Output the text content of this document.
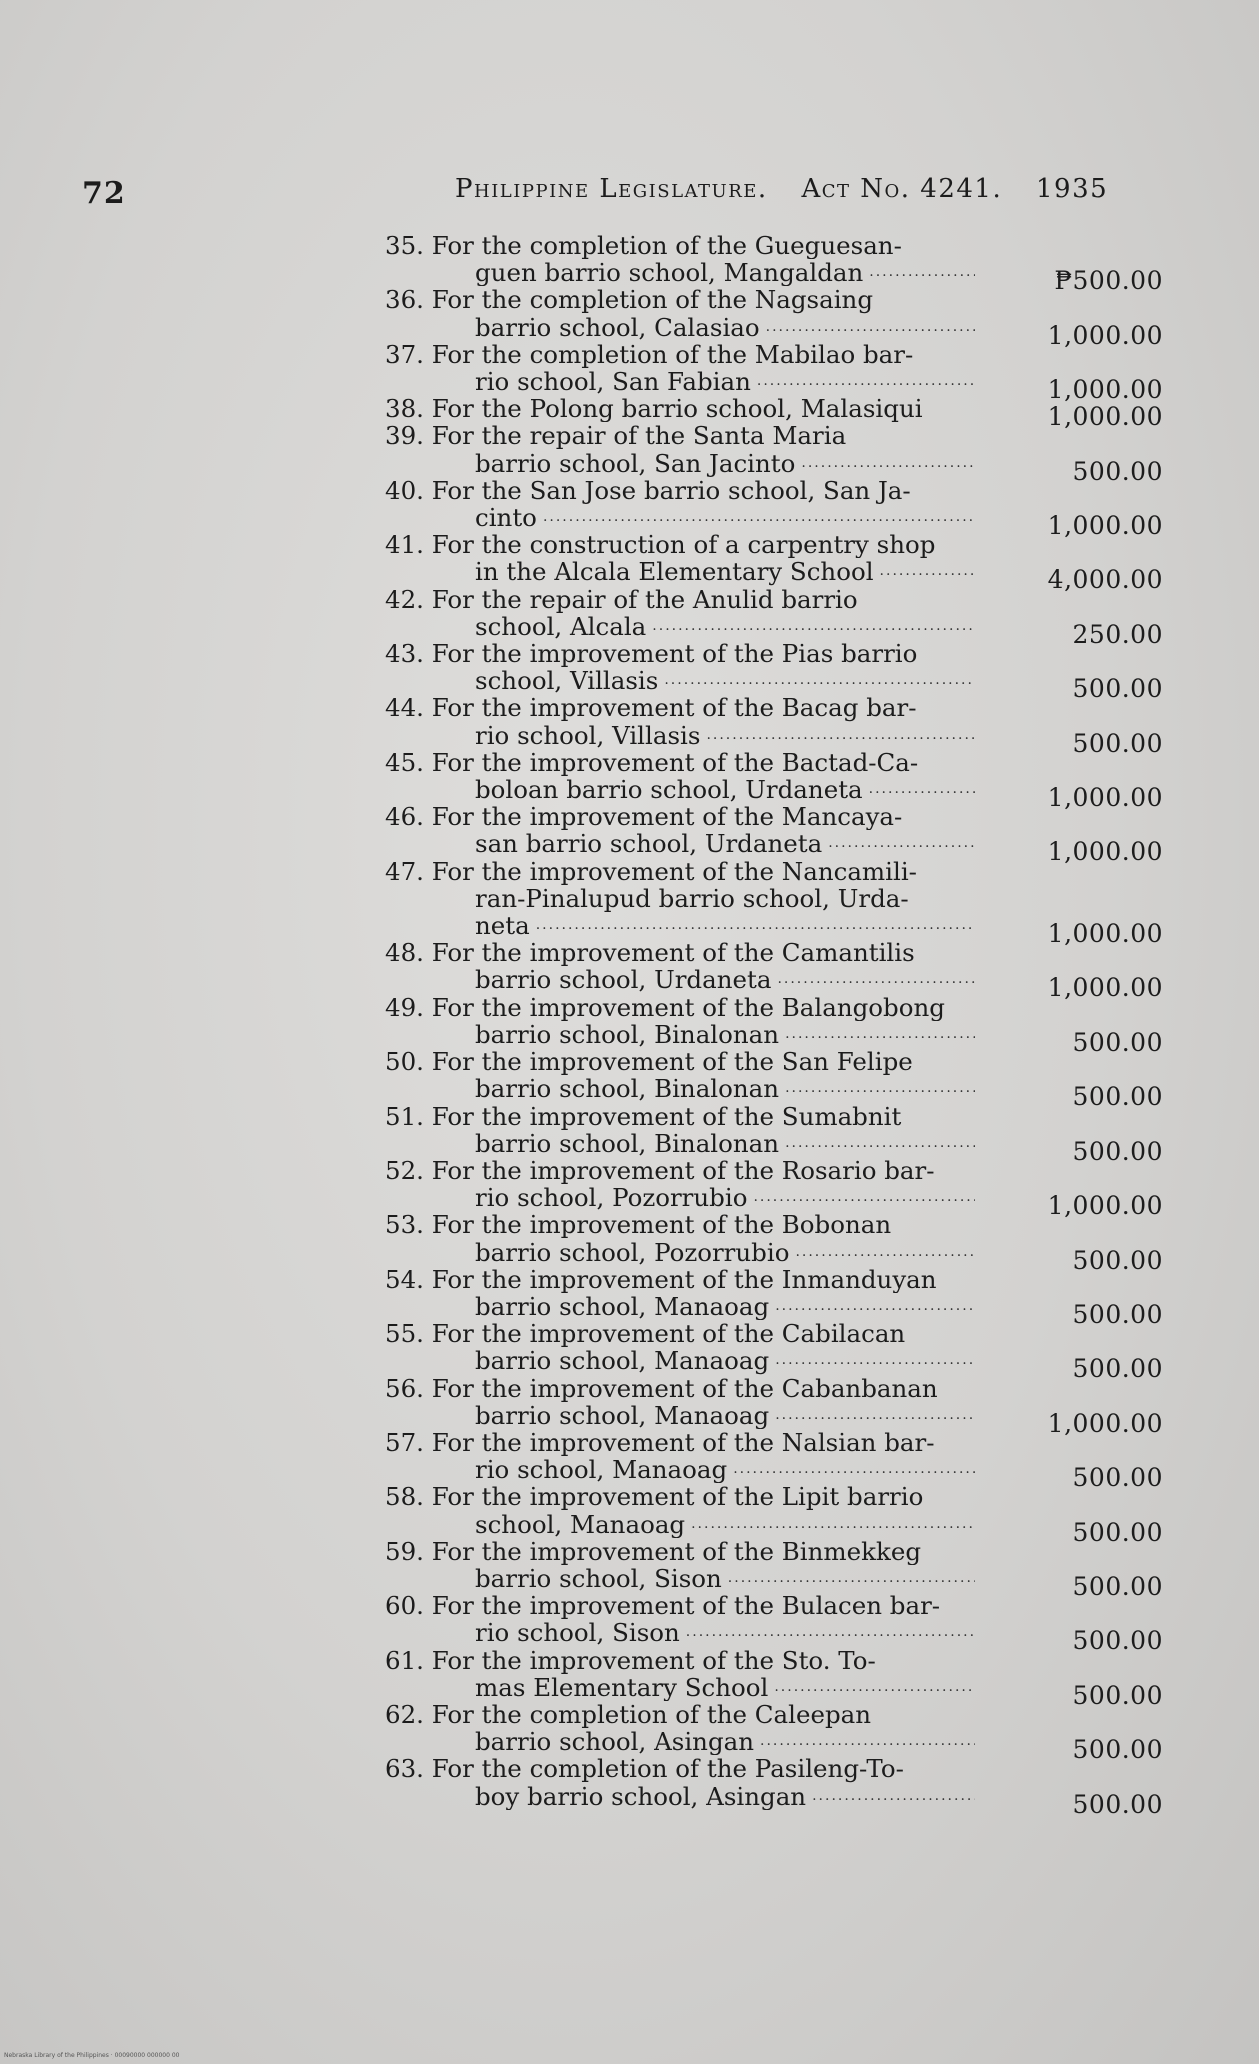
72	Philippine Legislature. Act No. 4241. 1935
35. For the completion of the Gueguesan-
guen barrio school, Mangaldan .....	₱500.00
36. For the completion of the Nagsaing
barrio school, Calasiao .....	1,000.00
37. For the completion of the Mabilao bar-
rio school, San Fabian .....	1,000.00
38. For the Polong barrio school, Malasiqui	1,000.00
39. For the repair of the Santa Maria
barrio school, San Jacinto .....	500.00
40. For the San Jose barrio school, San Ja-
cinto .....	1,000.00
41. For the construction of a carpentry shop
in the Alcala Elementary School .....	4,000.00
42. For the repair of the Anulid barrio
school, Alcala .....	250.00
43. For the improvement of the Pias barrio
school, Villasis .....	500.00
44. For the improvement of the Bacag bar-
rio school, Villasis .....	500.00
45. For the improvement of the Bactad-Ca-
boloan barrio school, Urdaneta .....	1,000.00
46. For the improvement of the Mancaya-
san barrio school, Urdaneta .....	1,000.00
47. For the improvement of the Nancamili-
ran-Pinalupud barrio school, Urda-
neta .....	1,000.00
48. For the improvement of the Camantilis
barrio school, Urdaneta .....	1,000.00
49. For the improvement of the Balangobong
barrio school, Binalonan .....	500.00
50. For the improvement of the San Felipe
barrio school, Binalonan .....	500.00
51. For the improvement of the Sumabnit
barrio school, Binalonan .....	500.00
52. For the improvement of the Rosario bar-
rio school, Pozorrubio .....	1,000.00
53. For the improvement of the Bobonan
barrio school, Pozorrubio .....	500.00
54. For the improvement of the Inmanduyan
barrio school, Manaoag .....	500.00
55. For the improvement of the Cabilacan
barrio school, Manaoag .....	500.00
56. For the improvement of the Cabanbanan
barrio school, Manaoag .....	1,000.00
57. For the improvement of the Nalsian bar-
rio school, Manaoag .....	500.00
58. For the improvement of the Lipit barrio
school, Manaoag .....	500.00
59. For the improvement of the Binmekkeg
barrio school, Sison .....	500.00
60. For the improvement of the Bulacen bar-
rio school, Sison .....	500.00
61. For the improvement of the Sto. To-
mas Elementary School .....	500.00
62. For the completion of the Caleepan
barrio school, Asingan .....	500.00
63. For the completion of the Pasileng-To-
boy barrio school, Asingan .....	500.00
Nebraska Library of the Philippines · 00090000 000000 00
